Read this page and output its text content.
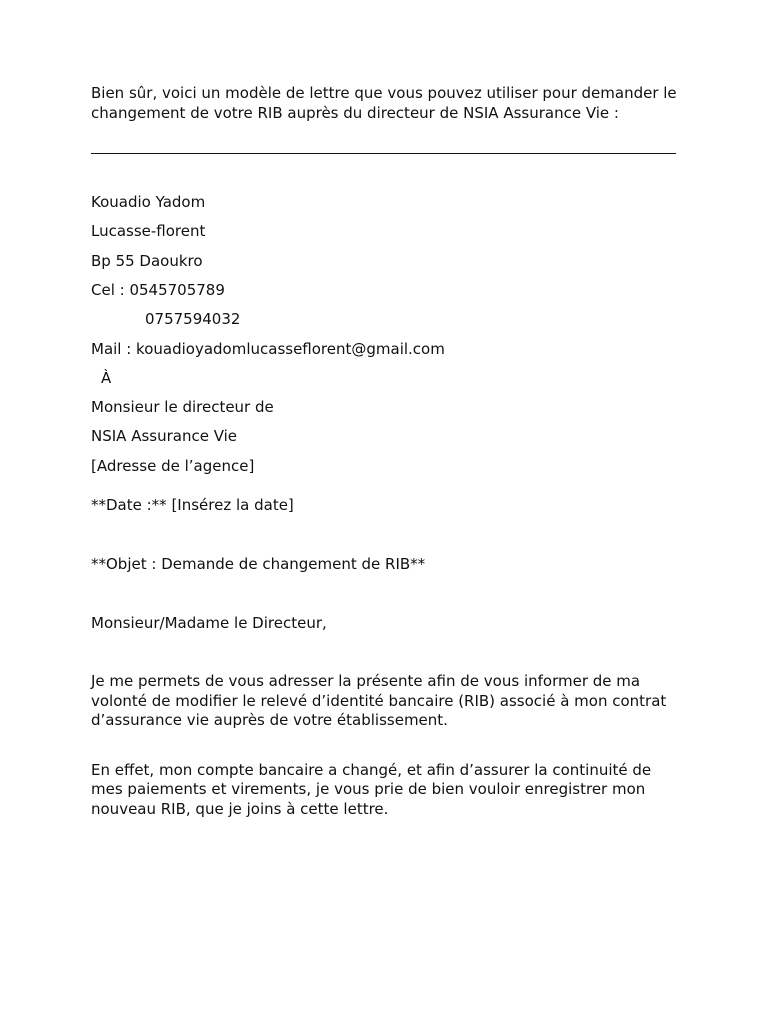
Bien sûr, voici un modèle de lettre que vous pouvez utiliser pour demander le changement de votre RIB auprès du directeur de NSIA Assurance Vie :

Kouadio Yadom

Lucasse-florent

Bp 55 Daoukro

Cel : 0545705789

0757594032

Mail : kouadioyadomlucasseflorent@gmail.com

À

Monsieur le directeur de

NSIA Assurance Vie

[Adresse de l’agence]

**Date :** [Insérez la date]

**Objet : Demande de changement de RIB**

Monsieur/Madame le Directeur,

Je me permets de vous adresser la présente afin de vous informer de ma volonté de modifier le relevé d’identité bancaire (RIB) associé à mon contrat d’assurance vie auprès de votre établissement.

En effet, mon compte bancaire a changé, et afin d’assurer la continuité de mes paiements et virements, je vous prie de bien vouloir enregistrer mon nouveau RIB, que je joins à cette lettre.
